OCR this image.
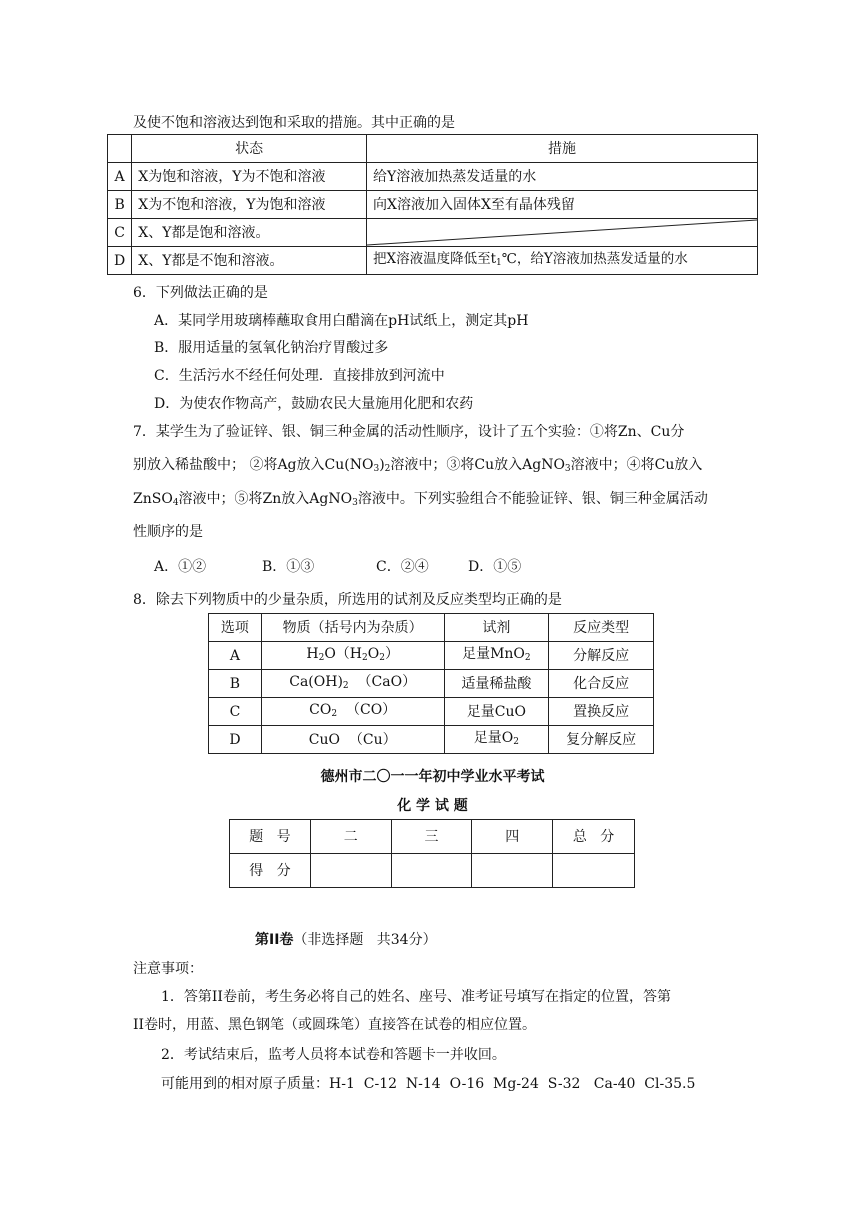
及使不饱和溶液达到饱和采取的措施。其中正确的是
	状态	措施
A	X为饱和溶液，Y为不饱和溶液	给Y溶液加热蒸发适量的水
B	X为不饱和溶液，Y为饱和溶液	向X溶液加入固体X至有晶体残留
C	X、Y都是饱和溶液。	

D	X、Y都是不饱和溶液。	把X溶液温度降低至$t_1℃$，给Y溶液加热蒸发适量的水
6．下列做法正确的是
A．某同学用玻璃棒蘸取食用白醋滴在pH试纸上，测定其pH
B．服用适量的氢氧化钠治疗胃酸过多
C．生活污水不经任何处理．直接排放到河流中
D．为使农作物高产，鼓励农民大量施用化肥和农药
7．某学生为了验证锌、银、铜三种金属的活动性顺序，设计了五个实验：①将Zn、Cu分
别放入稀盐酸中； ②将Ag放入$Cu(NO_3)_2$溶液中；③将Cu放入AgNO$_3$溶液中；④将Cu放入
ZnSO$_4$溶液中；⑤将Zn放入AgNO$_3$溶液中。下列实验组合不能验证锌、银、铜三种金属活动
性顺序的是
A．①②	B．①③	C．②④	D．①⑤
8．除去下列物质中的少量杂质，所选用的试剂及反应类型均正确的是
选项	物质（括号内为杂质）	试剂	反应类型
A	$H_2O(H_2O_2)$	足量MnO$_2$	分解反应
B	$Ca(OH)_2$  （CaO）	适量稀盐酸	化合反应
C	$CO_2$  （CO）	足量CuO	置换反应
D	CuO  （Cu）	足量$O_2$	复分解反应
德州市二〇一一年初中学业水平考试
化 学 试 题
题   号	二	三	四	总   分
得   分				
第II卷（非选择题   共34分）
注意事项：
1．答第II卷前，考生务必将自己的姓名、座号、准考证号填写在指定的位置，答第
II卷时，用蓝、黑色钢笔（或圆珠笔）直接答在试卷的相应位置。
2．考试结束后，监考人员将本试卷和答题卡一并收回。
可能用到的相对原子质量：H-1  C-12  N-14  O-16  Mg-24  S-32   Ca-40  Cl-35.5
